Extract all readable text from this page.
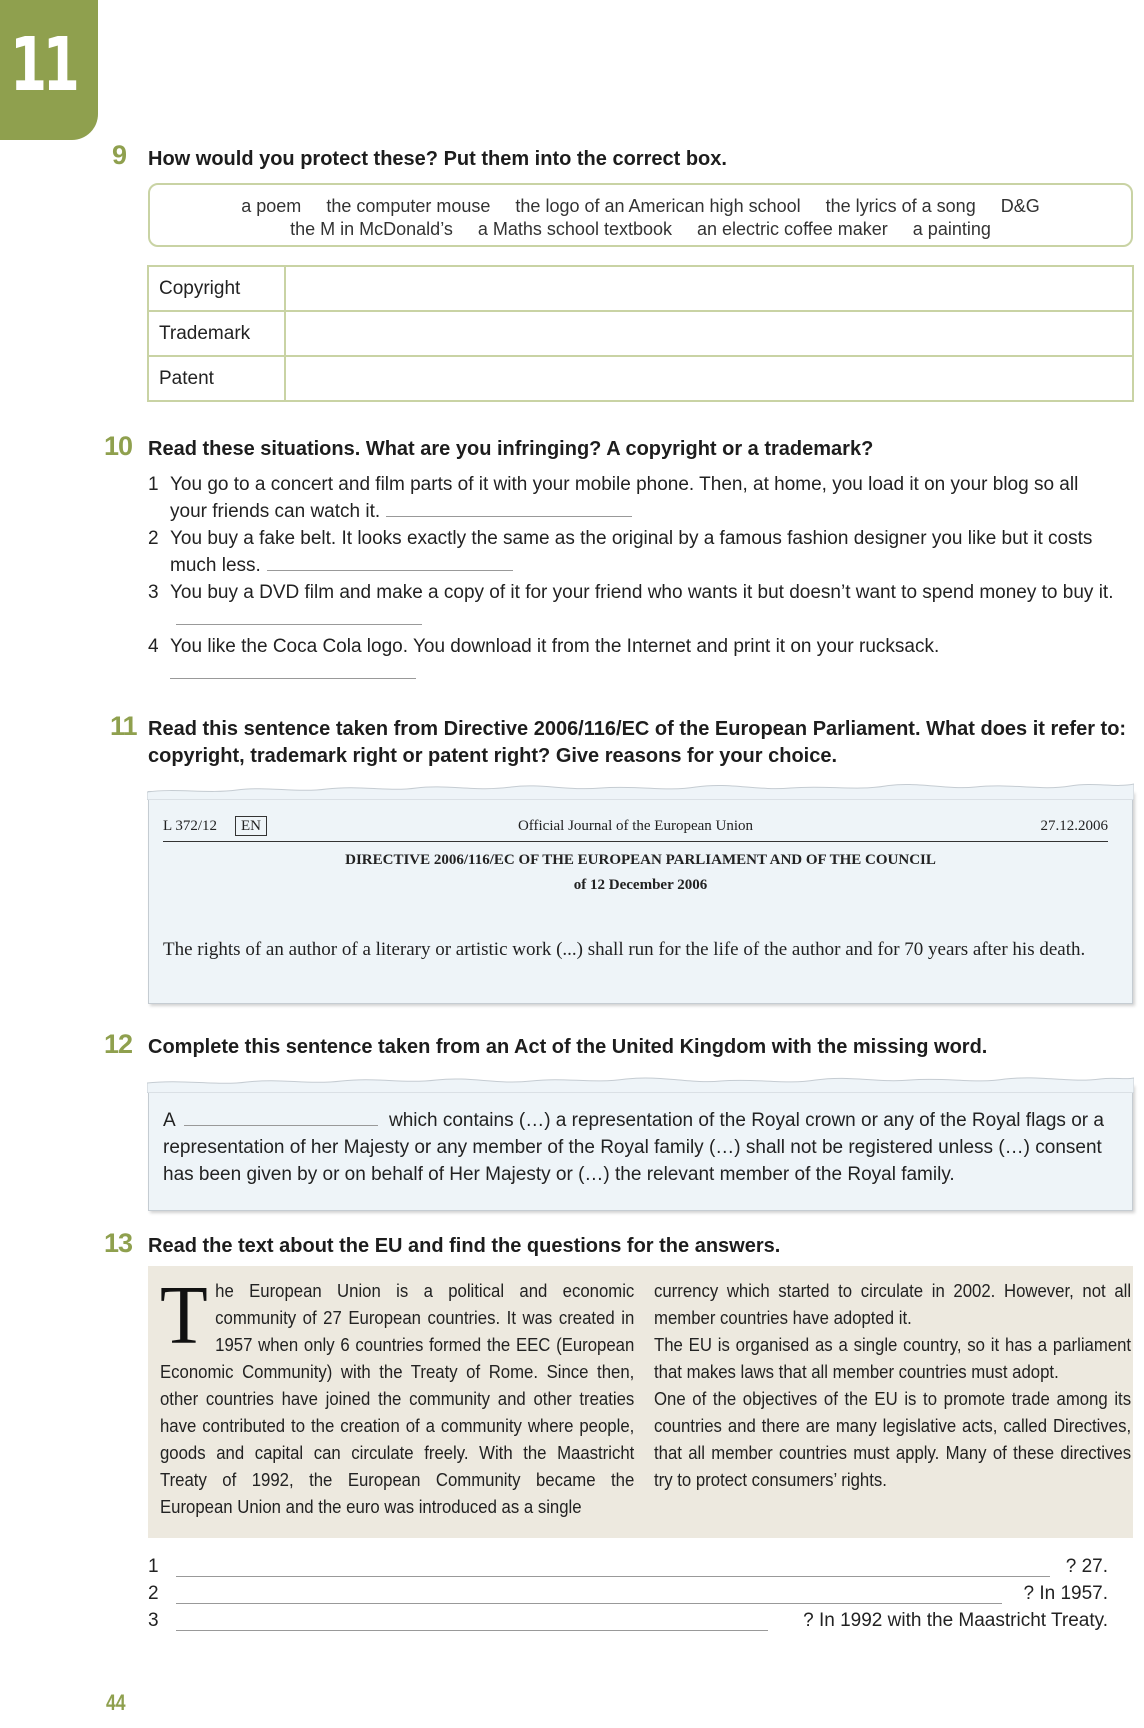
11
9 How would you protect these? Put them into the correct box.
a poem the computer mouse the logo of an American high school the lyrics of a song D&G
the M in McDonald’s a Maths school textbook an electric coffee maker a painting
Copyright	
Trademark	
Patent	
10 Read these situations. What are you infringing? A copyright or a trademark?
1 You go to a concert and film parts of it with your mobile phone. Then, at home, you load it on your blog so all your friends can watch it.
2 You buy a fake belt. It looks exactly the same as the original by a famous fashion designer you like but it costs much less.
3 You buy a DVD film and make a copy of it for your friend who wants it but doesn’t want to spend money to buy it.
4 You like the Coca Cola logo. You download it from the Internet and print it on your rucksack.

11 Read this sentence taken from Directive 2006/116/EC of the European Parliament. What does it refer to: copyright, trademark right or patent right? Give reasons for your choice.
L 372/12	EN	Official Journal of the European Union	27.12.2006
DIRECTIVE 2006/116/EC OF THE EUROPEAN PARLIAMENT AND OF THE COUNCIL
of 12 December 2006
The rights of an author of a literary or artistic work (...) shall run for the life of the author and for 70 years after his death.
12 Complete this sentence taken from an Act of the United Kingdom with the missing word.
A	which contains (…) a representation of the Royal crown or any of the Royal flags or a representation of her Majesty or any member of the Royal family (…) shall not be registered unless (…) consent has been given by or on behalf of Her Majesty or (…) the relevant member of the Royal family.
13 Read the text about the EU and find the questions for the answers.
The European Union is a political and economic community of 27 European countries. It was created in 1957 when only 6 countries formed the EEC (European Economic Community) with the Treaty of Rome. Since then, other countries have joined the community and other treaties have contributed to the creation of a community where people, goods and capital can circulate freely. With the Maastricht Treaty of 1992, the European Community became the European Union and the euro was introduced as a single
currency which started to circulate in 2002. However, not all member countries have adopted it.
The EU is organised as a single country, so it has a parliament that makes laws that all member countries must adopt.
One of the objectives of the EU is to promote trade among its countries and there are many legislative acts, called Directives, that all member countries must apply. Many of these directives try to protect consumers’ rights.
1	? 27.
2	? In 1957.
3	? In 1992 with the Maastricht Treaty.
44
